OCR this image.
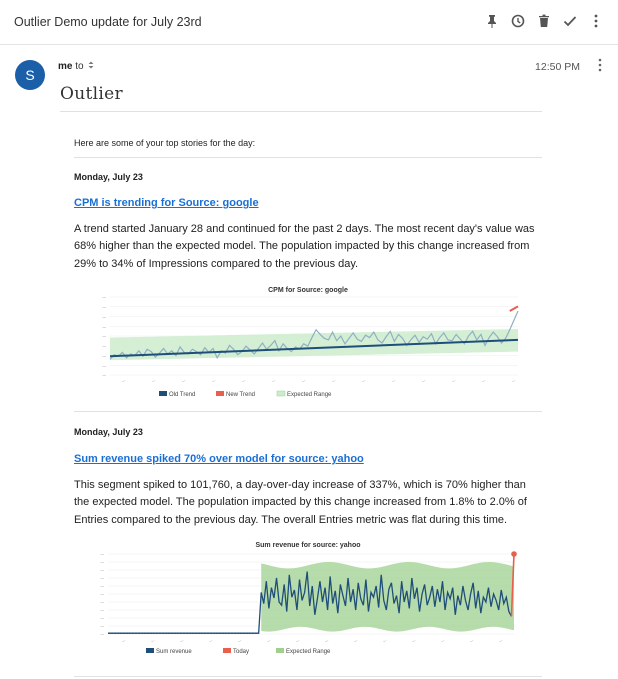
Outlier Demo update for July 23rd
S
me to	12:50 PM
Outlier
Here are some of your top stories for the day:
Monday, July 23
CPM is trending for Source: google
A trend started January 28 and continued for the past 2 days. The most recent day's value was 68% higher than the expected model. The population impacted by this change increased from 29% to 34% of Impressions compared to the previous day.
CPM for Source: google
—
—
—
—
—
—
—
—
—
―	―	―	―	―	―	―	―	―	―	―	―	―	―
Old Trend	New Trend	Expected Range
Monday, July 23
Sum revenue spiked 70% over model for source: yahoo
This segment spiked to 101,760, a day-over-day increase of 337%, which is 70% higher than the expected model. The population impacted by this change increased from 1.8% to 2.0% of Entries compared to the previous day. The overall Entries metric was flat during this time.
Sum revenue for source: yahoo
—
—
—
—
—
—
—
—
—
—
—
―	―	―	―	―	―	―	―	―	―	―	―	―	―
Sum revenue	Today	Expected Range
